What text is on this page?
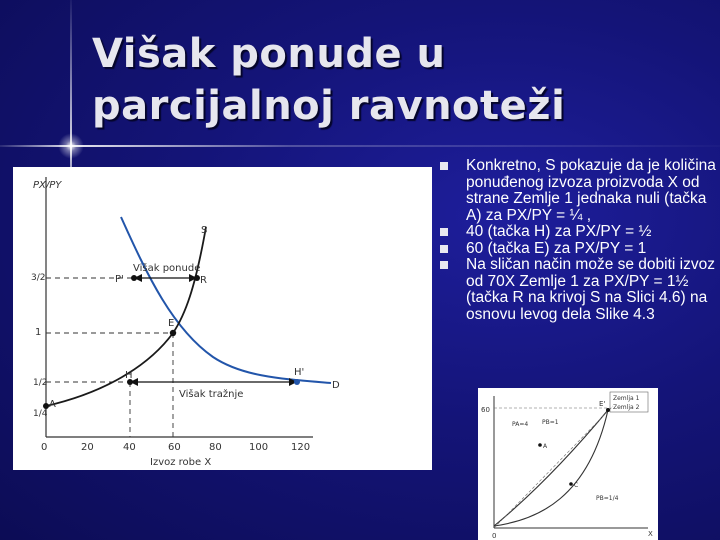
Višak ponude u
parcijalnoj ravnoteži
PX/PY
3/2
1
1/2
1/4
0	20	40	60	80	100 120
Izvoz robe X
S
D
Višak ponude
Višak tražnje
P'	R
E
H	H'
A
Konkretno, S pokazuje da je količina ponuđenog izvoza proizvoda X od strane Zemlje 1 jednaka nuli (tačka A) za PX/PY = ¼ ,
40 (tačka H) za PX/PY = ½
60 (tačka E) za PX/PY = 1
Na sličan način može se dobiti izvoz od 70X Zemlje 1 za PX/PY = 1½ (tačka R na krivoj S na Slici 4.6) na osnovu levog dela Slike 4.3
60
0	X
Zemlja 1
Zemlja 2
E'
PA=4 PB=1
PB=1/4
A
C
